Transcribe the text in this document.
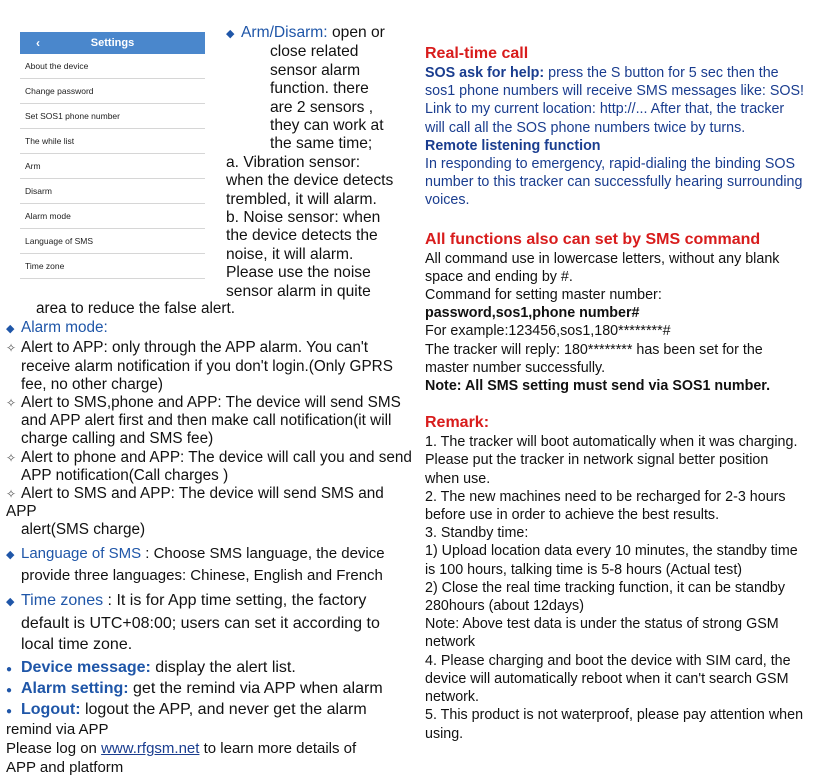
‹	Settings
About the device
Change password
Set SOS1 phone number
The while list
Arm
Disarm
Alarm mode
Language of SMS
Time zone
◆Arm/Disarm: open or
close related
sensor alarm
function. there
are 2 sensors ,
they can work at
the same time;
a. Vibration sensor:
when the device detects
trembled, it will alarm.
b. Noise sensor: when
the device detects the
noise, it will alarm.
Please use the noise
sensor alarm in quite
area to reduce the false alert.
◆Alarm mode:
✧Alert to APP: only through the APP alarm. You can't
receive alarm notification if you don't login.(Only GPRS
fee, no other charge)
✧Alert to SMS,phone and APP: The device will send SMS
and APP alert first and then make call notification(it will
charge calling and SMS fee)
✧Alert to phone and APP: The device will call you and send
APP notification(Call charges )
✧Alert to SMS and APP: The device will send SMS and APP
alert(SMS charge)
◆Language of SMS : Choose SMS language, the device
provide three languages: Chinese, English and French
◆Time zones : It is for App time setting, the factory
default is UTC+08:00; users can set it according to
local time zone.
●Device message: display the alert list.
●Alarm setting: get the remind via APP when alarm
●Logout: logout the APP, and never get the alarm
remind via APP
Please log on www.rfgsm.net to learn more details of
APP and platform

Real-time call

SOS ask for help: press the S button for 5 sec then the

sos1 phone numbers will receive SMS messages like: SOS!

Link to my current location: http://... After that, the tracker

will call all the SOS phone numbers twice by turns.

Remote listening function

In responding to emergency, rapid-dialing the binding SOS

number to this tracker can successfully hearing surrounding

voices.

All functions also can set by SMS command

All command use in lowercase letters, without any blank

space and ending by #.

Command for setting master number:

password,sos1,phone number#

For example:123456,sos1,180********#

The tracker will reply: 180******** has been set for the

master number successfully.

Note: All SMS setting must send via SOS1 number.

Remark:

1. The tracker will boot automatically when it was charging.

Please put the tracker in network signal better position

when use.

2. The new machines need to be recharged for 2-3 hours

before use in order to achieve the best results.

3. Standby time:

1) Upload location data every 10 minutes, the standby time

is 100 hours, talking time is 5-8 hours (Actual test)

2) Close the real time tracking function, it can be standby

280hours (about 12days)

Note: Above test data is under the status of strong GSM

network

4. Please charging and boot the device with SIM card, the

device will automatically reboot when it can't search GSM

network.

5. This product is not waterproof, please pay attention when

using.
